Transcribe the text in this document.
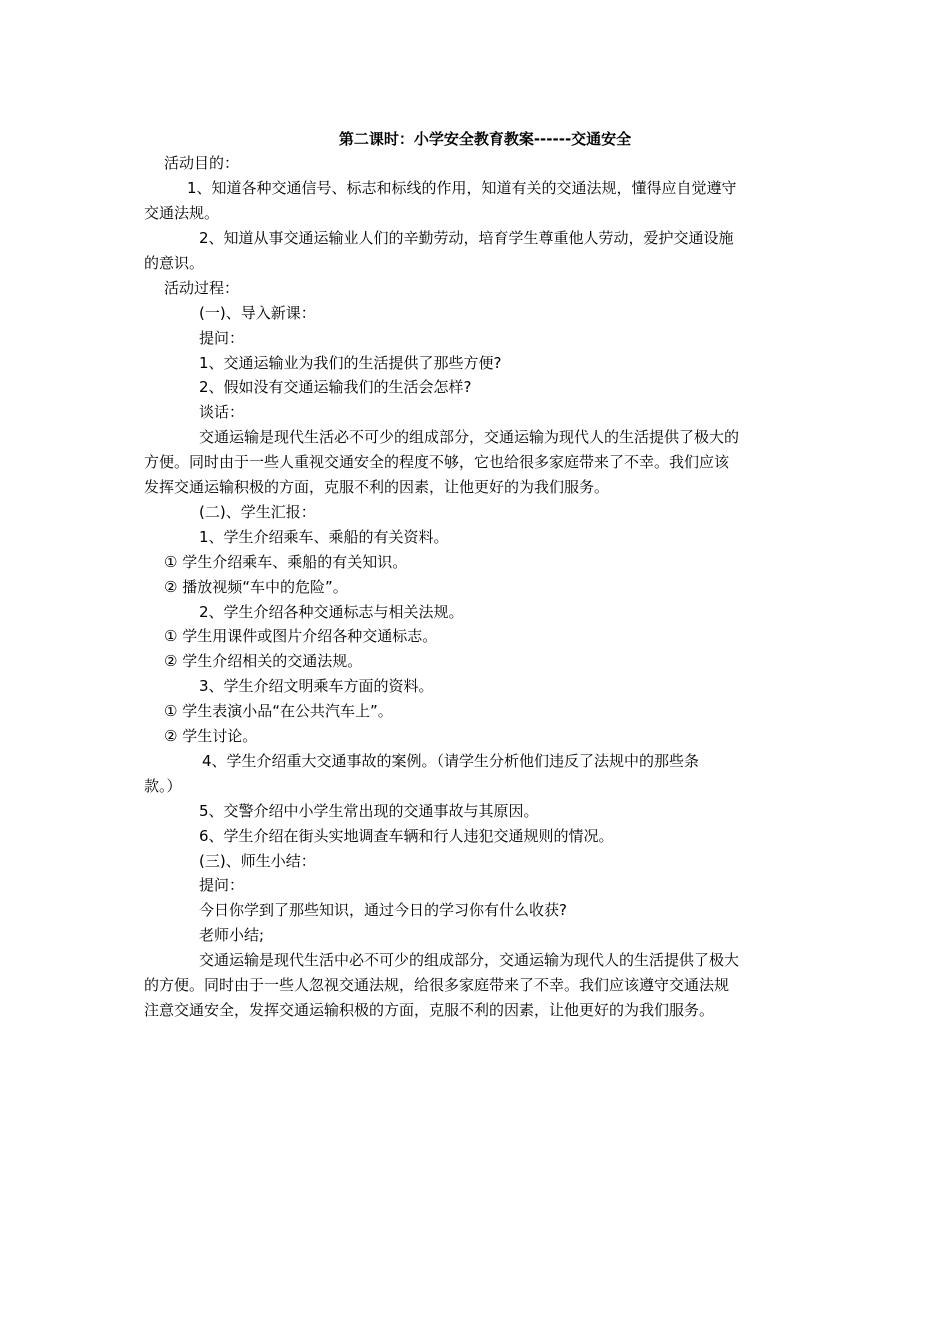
第二课时：小学安全教育教案------交通安全
活动目的：
1、知道各种交通信号、标志和标线的作用，知道有关的交通法规，懂得应自觉遵守
交通法规。
2、知道从事交通运输业人们的辛勤劳动，培育学生尊重他人劳动，爱护交通设施
的意识。
活动过程：
(一)、导入新课：
提问：
1、交通运输业为我们的生活提供了那些方便?
2、假如没有交通运输我们的生活会怎样?
谈话：
交通运输是现代生活必不可少的组成部分，交通运输为现代人的生活提供了极大的
方便。同时由于一些人重视交通安全的程度不够，它也给很多家庭带来了不幸。我们应该
发挥交通运输积极的方面，克服不利的因素，让他更好的为我们服务。
(二)、学生汇报：
1、学生介绍乘车、乘船的有关资料。
① 学生介绍乘车、乘船的有关知识。
② 播放视频“车中的危险”。
2、学生介绍各种交通标志与相关法规。
① 学生用课件或图片介绍各种交通标志。
② 学生介绍相关的交通法规。
3、学生介绍文明乘车方面的资料。
① 学生表演小品“在公共汽车上”。
② 学生讨论。
4、学生介绍重大交通事故的案例。（请学生分析他们违反了法规中的那些条
款。）
5、交警介绍中小学生常出现的交通事故与其原因。
6、学生介绍在街头实地调查车辆和行人违犯交通规则的情况。
(三)、师生小结：
提问：
今日你学到了那些知识，通过今日的学习你有什么收获?
老师小结;
交通运输是现代生活中必不可少的组成部分，交通运输为现代人的生活提供了极大
的方便。同时由于一些人忽视交通法规，给很多家庭带来了不幸。我们应该遵守交通法规
注意交通安全，发挥交通运输积极的方面，克服不利的因素，让他更好的为我们服务。
